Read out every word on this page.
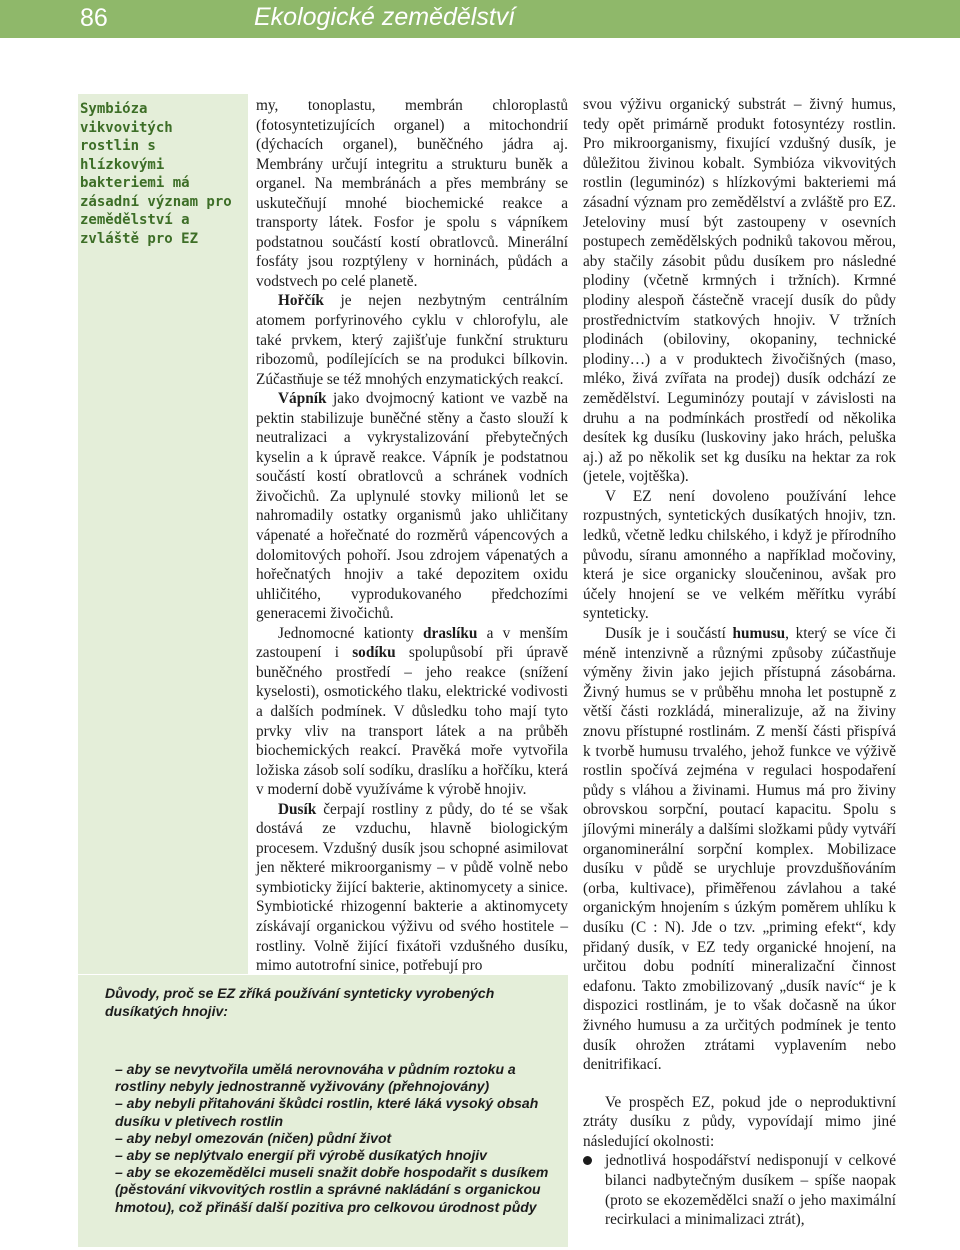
86	Ekologické zemědělství

Symbióza vikvovitých rostlin s hlízkovými bakteriemi má zásadní význam pro zemědělství a zvláště pro EZ

my, tonoplastu, membrán chloroplastů (fotosyntetizujících organel) a mitochondrií (dýchacích organel), buněčného jádra aj. Membrány určují integritu a strukturu buněk a organel. Na membránách a přes membrány se uskutečňují mnohé biochemické reakce a transporty látek. Fosfor je spolu s vápníkem podstatnou součástí kostí obratlovců. Minerální fosfáty jsou rozptýleny v horninách, půdách a vodstvech po celé planetě.

Hořčík je nejen nezbytným centrálním atomem porfyrinového cyklu v chlorofylu, ale také prvkem, který zajišťuje funkční strukturu ribozomů, podílejících se na produkci bílkovin. Zúčastňuje se též mnohých enzymatických reakcí.

Vápník jako dvojmocný kationt ve vazbě na pektin stabilizuje buněčné stěny a často slouží k neutralizaci a vykrystalizování přebytečných kyselin a k úpravě reakce. Vápník je podstatnou součástí kostí obratlovců a schránek vodních živočichů. Za uplynulé stovky milionů let se nahromadily ostatky organismů jako uhličitany vápenaté a hořečnaté do rozměrů vápencových a dolomitových pohoří. Jsou zdrojem vápenatých a hořečnatých hnojiv a také depozitem oxidu uhličitého, vyprodukovaného předchozími generacemi živočichů.

Jednomocné kationty draslíku a v menším zastoupení i sodíku spolupůsobí při úpravě buněčného prostředí – jeho reakce (snížení kyselosti), osmotického tlaku, elektrické vodivosti a dalších podmínek. V důsledku toho mají tyto prvky vliv na transport látek a na průběh biochemických reakcí. Pravěká moře vytvořila ložiska zásob solí sodíku, draslíku a hořčíku, která v moderní době využíváme k výrobě hnojiv.

Dusík čerpají rostliny z půdy, do té se však dostává ze vzduchu, hlavně biologickým procesem. Vzdušný dusík jsou schopné asimilovat jen některé mikroorganismy – v půdě volně nebo symbioticky žijící bakterie, aktinomycety a sinice. Symbiotické rhizogenní bakterie a aktinomycety získávají organickou výživu od svého hostitele – rostliny. Volně žijící fixátoři vzdušného dusíku, mimo autotrofní sinice, potřebují pro

svou výživu organický substrát – živný humus, tedy opět primárně produkt fotosyntézy rostlin. Pro mikroorganismy, fixující vzdušný dusík, je důležitou živinou kobalt. Symbióza vikvovitých rostlin (leguminóz) s hlízkovými bakteriemi má zásadní význam pro zemědělství a zvláště pro EZ. Jeteloviny musí být zastoupeny v osevních postupech zemědělských podniků takovou měrou, aby stačily zásobit půdu dusíkem pro následné plodiny (včetně krmných i tržních). Krmné plodiny alespoň částečně vracejí dusík do půdy prostřednictvím statkových hnojiv. V tržních plodinách (obiloviny, okopaniny, technické plodiny…) a v produktech živočišných (maso, mléko, živá zvířata na prodej) dusík odchází ze zemědělství. Leguminózy poutají v závislosti na druhu a na podmínkách prostředí od několika desítek kg dusíku (luskoviny jako hrách, peluška aj.) až po několik set kg dusíku na hektar za rok (jetele, vojtěška).

V EZ není dovoleno používání lehce rozpustných, syntetických dusíkatých hnojiv, tzn. ledků, včetně ledku chilského, i když je přírodního původu, síranu amonného a například močoviny, která je sice organicky sloučeninou, avšak pro účely hnojení se ve velkém měřítku vyrábí synteticky.

Dusík je i součástí humusu, který se více či méně intenzivně a různými způsoby zúčastňuje výměny živin jako jejich přístupná zásobárna. Živný humus se v průběhu mnoha let postupně z větší části rozkládá, mineralizuje, až na živiny znovu přístupné rostlinám. Z menší části přispívá k tvorbě humusu trvalého, jehož funkce ve výživě rostlin spočívá zejména v regulaci hospodaření půdy s vláhou a živinami. Humus má pro živiny obrovskou sorpční, poutací kapacitu. Spolu s jílovými minerály a dalšími složkami půdy vytváří organominerální sorpční komplex. Mobilizace dusíku v půdě se urychluje provzdušňováním (orba, kultivace), přiměřenou závlahou a také organickým hnojením s úzkým poměrem uhlíku k dusíku (C : N). Jde o tzv. „priming efekt“, kdy přidaný dusík, v EZ tedy organické hnojení, na určitou dobu podnítí mineralizační činnost edafonu. Takto zmobilizovaný „dusík navíc“ je k dispozici rostlinám, je to však dočasně na úkor živného humusu a za určitých podmínek je tento dusík ohrožen ztrátami vyplavením nebo denitrifikací.

Ve prospěch EZ, pokud jde o neproduktivní ztráty dusíku z půdy, vypovídají mimo jiné následující okolnosti:

jednotlivá hospodářství nedisponují v celkové bilanci nadbytečným dusíkem – spíše naopak (proto se ekozemědělci snaží o jeho maximální recirkulaci a minimalizaci ztrát),

Důvody, proč se EZ zříká používání synteticky vyrobených dusíkatých hnojiv:

– aby se nevytvořila umělá nerovnováha v půdním roztoku a rostliny nebyly jednostranně vyživovány (přehnojovány)
– aby nebyli přitahováni škůdci rostlin, které láká vysoký obsah dusíku v pletivech rostlin
– aby nebyl omezován (ničen) půdní život
– aby se neplýtvalo energií při výrobě dusíkatých hnojiv
– aby se ekozemědělci museli snažit dobře hospodařit s dusíkem (pěstování vikvovitých rostlin a správné nakládání s organickou hmotou), což přináší další pozitiva pro celkovou úrodnost půdy
